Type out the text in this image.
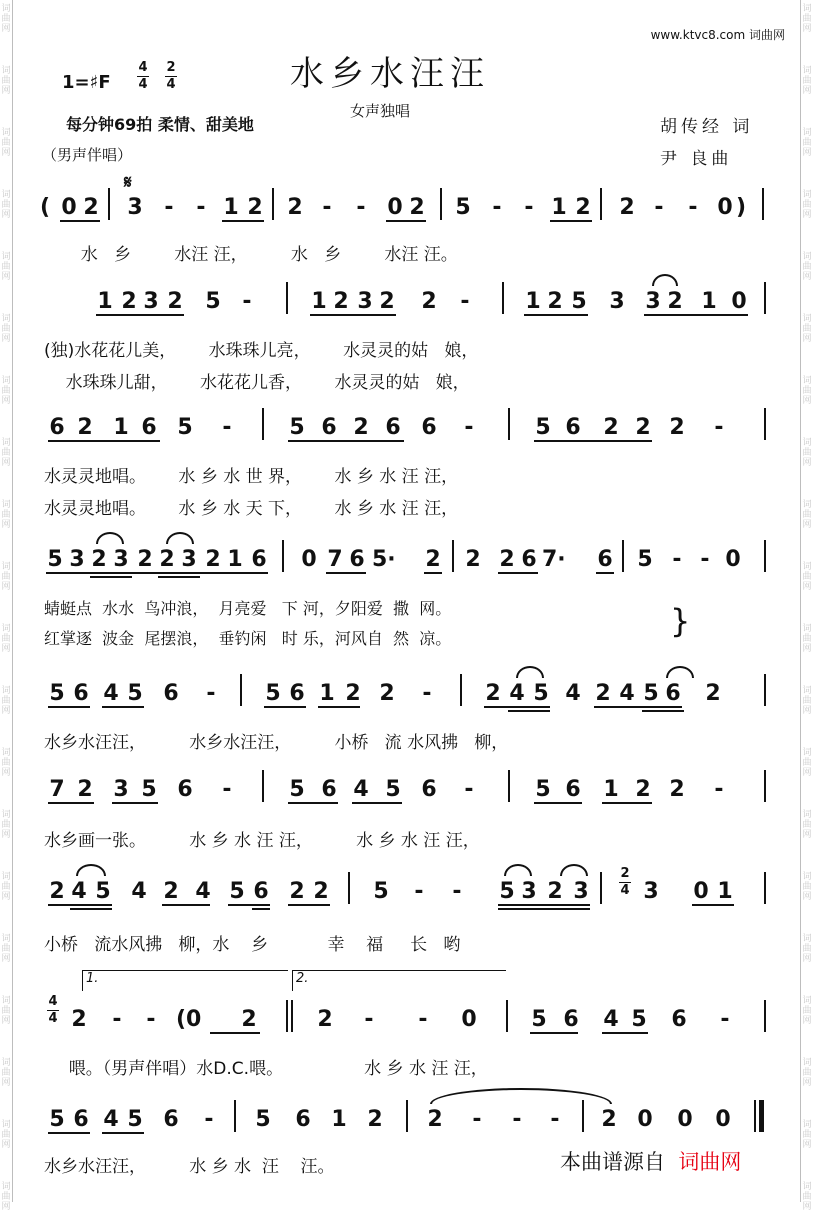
词
曲
网
词
曲
网
词
曲
网
词
曲
网
词
曲
网
词
曲
网
词
曲
网
词
曲
网
词
曲
网
词
曲
网
词
曲
网
词
曲
网
词
曲
网
词
曲
网
词
曲
网
词
曲
网
词
曲
网
词
曲
网
词
曲
网
词
曲
网
词
曲
网
词
曲
网
词
曲
网
词
曲
网
词
曲
网
词
曲
网
词
曲
网
词
曲
网
词
曲
网
词
曲
网
词
曲
网
词
曲
网
词
曲
网
词
曲
网
词
曲
网
词
曲
网
词
曲
网
词
曲
网
词
曲
网
词
曲
网
www.ktvc8.com 词曲网
水乡水汪汪
1=♯F
4
4
2
4
女声独唱
每分钟69拍 柔情、甜美地
（男声伴唱）
胡传经 词
尹 良曲
𝄋
( 0 2 3 - - 1 2 2 - - 0 2 5 - - 1 2 2 - - 0 )
水   乡        水汪 汪，        水   乡        水汪 汪。
1 2 3 2 5 -	1 2 3 2 2 -	1 2 5 3 3 2 1 0
(独)水花花儿美，      水珠珠儿亮，      水灵灵的姑   娘，
水珠珠儿甜，      水花花儿香，      水灵灵的姑   娘，
6 2 1 6 5 -	5 6 2 6 6 -	5 6 2 2 2 -
水灵灵地唱。      水 乡 水 世 界，      水 乡 水 汪 汪，
水灵灵地唱。      水 乡 水 天 下，      水 乡 水 汪 汪，
5 3 2 3 2 2 3 2 1 6 0 7 6 5· 2 2 2 6 7· 6 5 - - 0
蜻蜓点  水水  鸟冲浪，  月亮爱   下 河，夕阳爱  撒  网。
红掌逐  波金  尾摆浪，  垂钓闲   时 乐，河风自  然  凉。	}
5 6 4 5 6 - 5 6 1 2 2 - 2 4 5 4 2 4 5 6 2
水乡水汪汪，        水乡水汪汪，        小桥   流 水风拂   柳，
7 2 3 5 6 -	5 6 4 5 6 -	5 6 1 2 2 -
水乡画一张。        水 乡 水 汪 汪，        水 乡 水 汪 汪，
2 4 5 4 2 4 5 6 2 2 5 - - 5 3 2 3
2
4 3 0 1
小桥   流水风拂   柳，水    乡           幸    福     长   哟
1.	2.
4
4 2 - - (0 2	2 - - 0 5 6 4 5 6 -
喂。（男声伴唱）水D.C.喂。               水 乡 水 汪 汪，
5 6 4 5 6 - 5 6 1 2 2 - - - 2 0 0 0
水乡水汪汪，        水 乡 水  汪    汪。	本曲谱源自 词曲网
